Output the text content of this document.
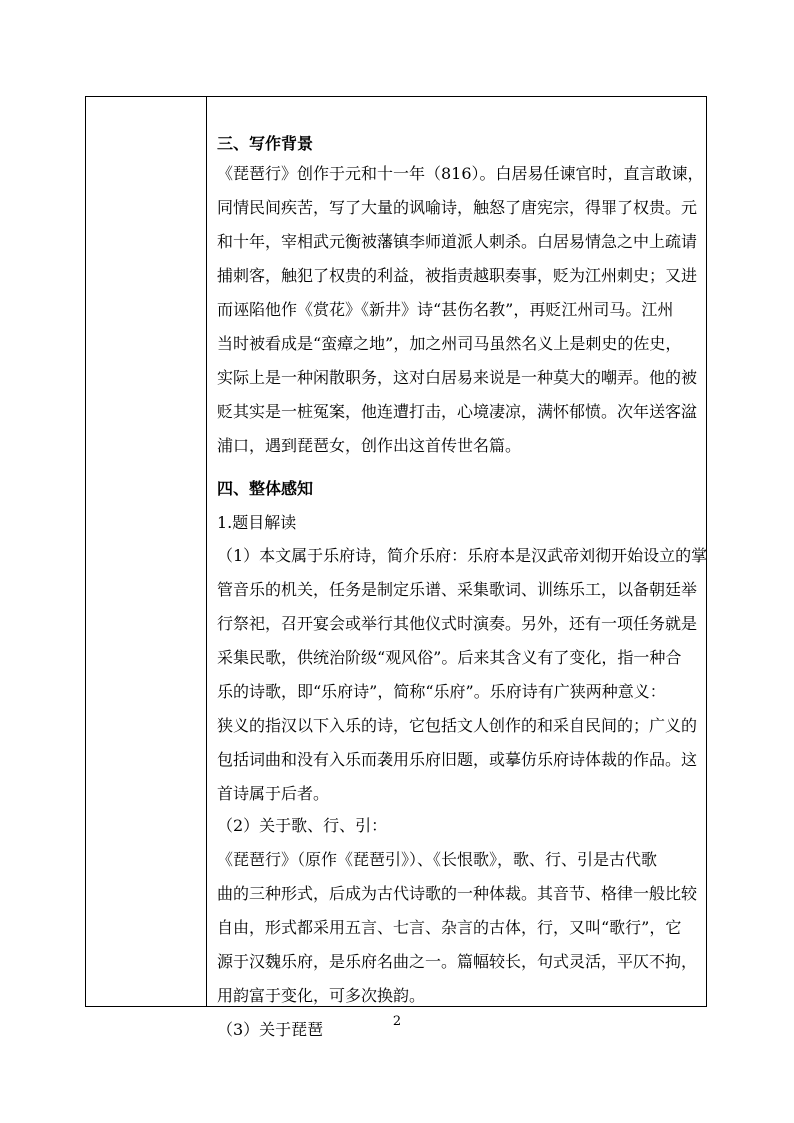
三、写作背景
《琵琶行》创作于元和十一年（816）。白居易任谏官时，直言敢谏，
同情民间疾苦，写了大量的讽喻诗，触怒了唐宪宗，得罪了权贵。元
和十年，宰相武元衡被藩镇李师道派人刺杀。白居易情急之中上疏请
捕刺客，触犯了权贵的利益，被指责越职奏事，贬为江州刺史；又进
而诬陷他作《赏花》《新井》诗“甚伤名教”，再贬江州司马。江州
当时被看成是“蛮瘴之地”，加之州司马虽然名义上是刺史的佐史，
实际上是一种闲散职务，这对白居易来说是一种莫大的嘲弄。他的被
贬其实是一桩冤案，他连遭打击，心境凄凉，满怀郁愤。次年送客湓
浦口，遇到琵琶女，创作出这首传世名篇。
四、整体感知
1.题目解读
（1）本文属于乐府诗，简介乐府：乐府本是汉武帝刘彻开始设立的掌
管音乐的机关，任务是制定乐谱、采集歌词、训练乐工，以备朝廷举
行祭祀，召开宴会或举行其他仪式时演奏。另外，还有一项任务就是
采集民歌，供统治阶级“观风俗”。后来其含义有了变化，指一种合
乐的诗歌，即“乐府诗”，简称“乐府”。乐府诗有广狭两种意义：
狭义的指汉以下入乐的诗，它包括文人创作的和采自民间的；广义的
包括词曲和没有入乐而袭用乐府旧题，或摹仿乐府诗体裁的作品。这
首诗属于后者。
（2）关于歌、行、引：
《琵琶行》（原作《琵琶引》）、《长恨歌》，歌、行、引是古代歌
曲的三种形式，后成为古代诗歌的一种体裁。其音节、格律一般比较
自由，形式都采用五言、七言、杂言的古体，行，又叫“歌行”，它
源于汉魏乐府，是乐府名曲之一。篇幅较长，句式灵活，平仄不拘，
用韵富于变化，可多次换韵。
（3）关于琵琶	2
